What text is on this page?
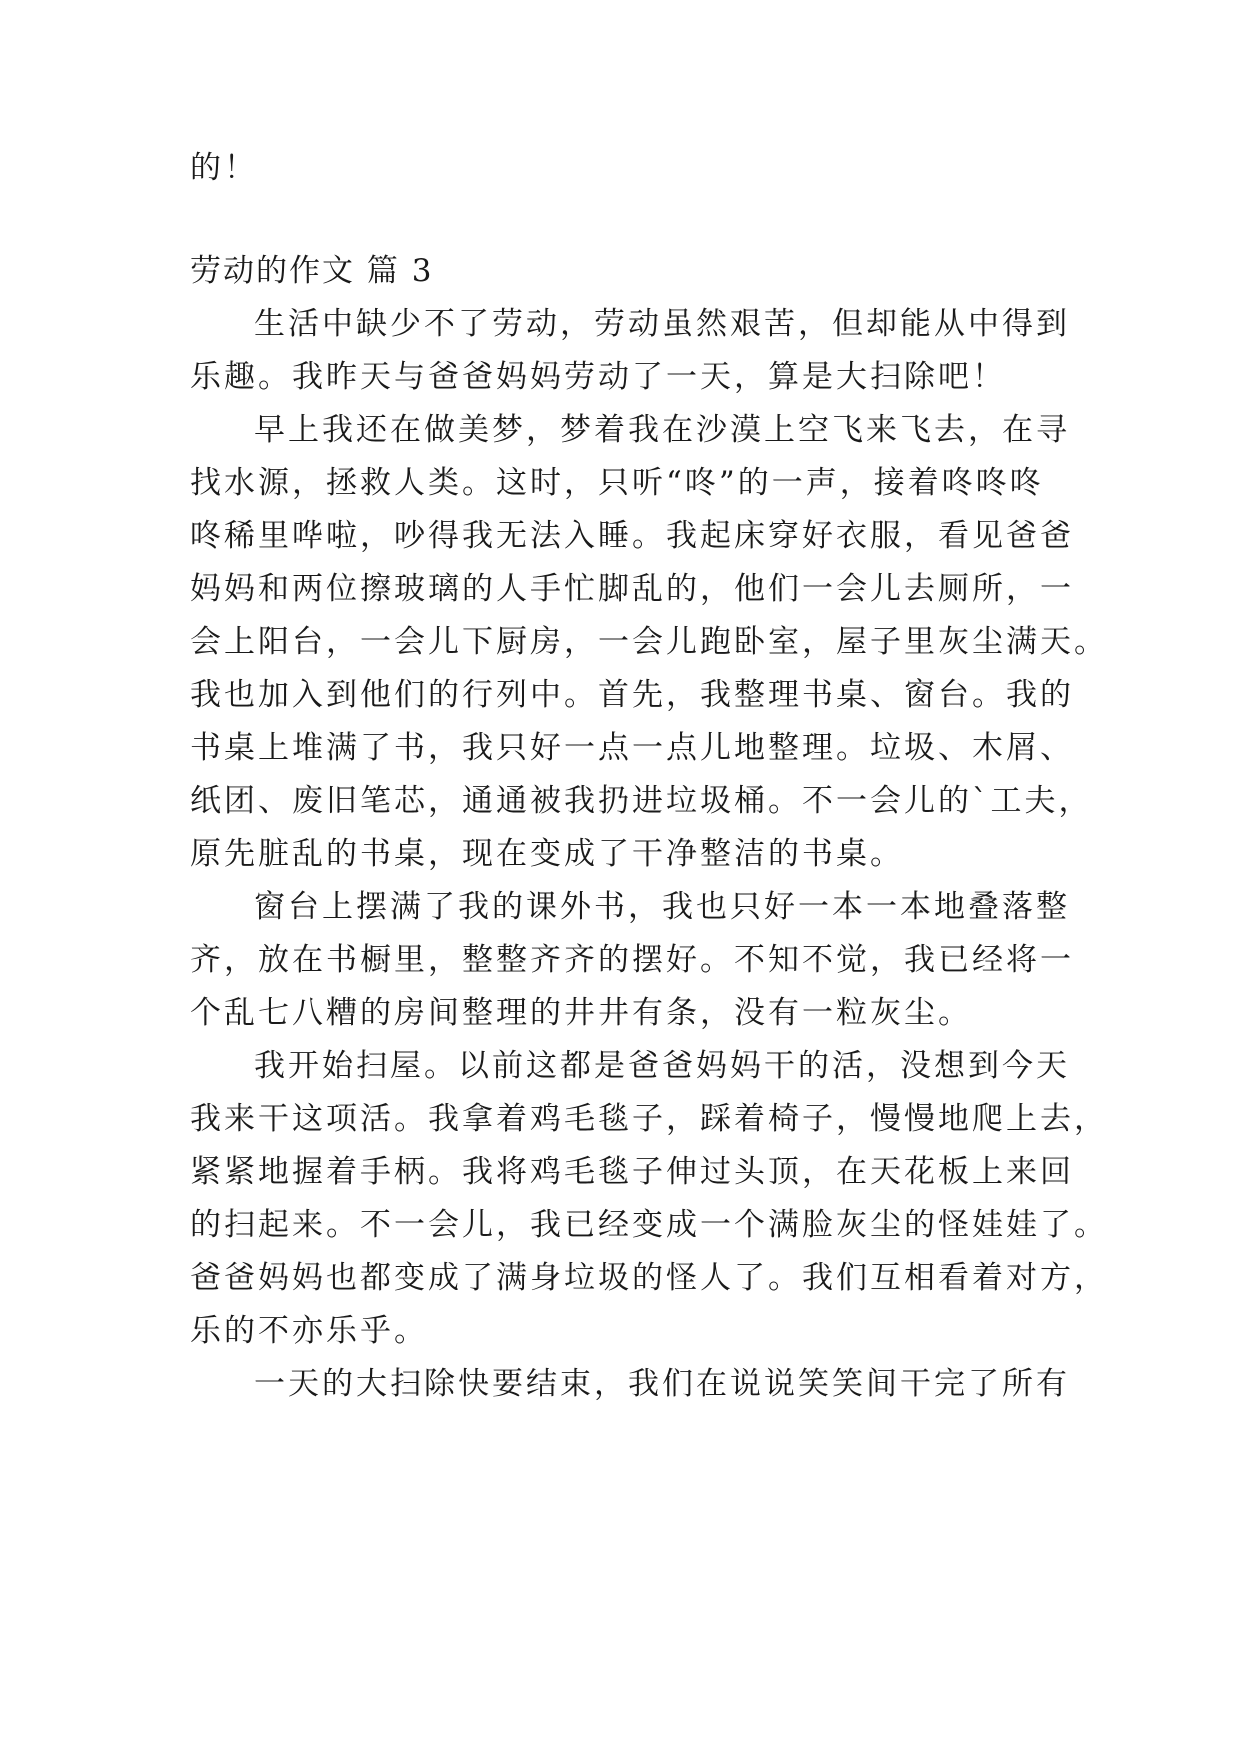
的！
劳动的作文 篇 3
生活中缺少不了劳动，劳动虽然艰苦，但却能从中得到
乐趣。我昨天与爸爸妈妈劳动了一天，算是大扫除吧！
早上我还在做美梦，梦着我在沙漠上空飞来飞去，在寻
找水源，拯救人类。这时，只听“咚”的一声，接着咚咚咚
咚稀里哗啦，吵得我无法入睡。我起床穿好衣服，看见爸爸
妈妈和两位擦玻璃的人手忙脚乱的，他们一会儿去厕所，一
会上阳台，一会儿下厨房，一会儿跑卧室，屋子里灰尘满天。
我也加入到他们的行列中。首先，我整理书桌、窗台。我的
书桌上堆满了书，我只好一点一点儿地整理。垃圾、木屑、
纸团、废旧笔芯，通通被我扔进垃圾桶。不一会儿的`工夫，
原先脏乱的书桌，现在变成了干净整洁的书桌。
窗台上摆满了我的课外书，我也只好一本一本地叠落整
齐，放在书橱里，整整齐齐的摆好。不知不觉，我已经将一
个乱七八糟的房间整理的井井有条，没有一粒灰尘。
我开始扫屋。以前这都是爸爸妈妈干的活，没想到今天
我来干这项活。我拿着鸡毛毯子，踩着椅子，慢慢地爬上去，
紧紧地握着手柄。我将鸡毛毯子伸过头顶，在天花板上来回
的扫起来。不一会儿，我已经变成一个满脸灰尘的怪娃娃了。
爸爸妈妈也都变成了满身垃圾的怪人了。我们互相看着对方，
乐的不亦乐乎。
一天的大扫除快要结束，我们在说说笑笑间干完了所有
